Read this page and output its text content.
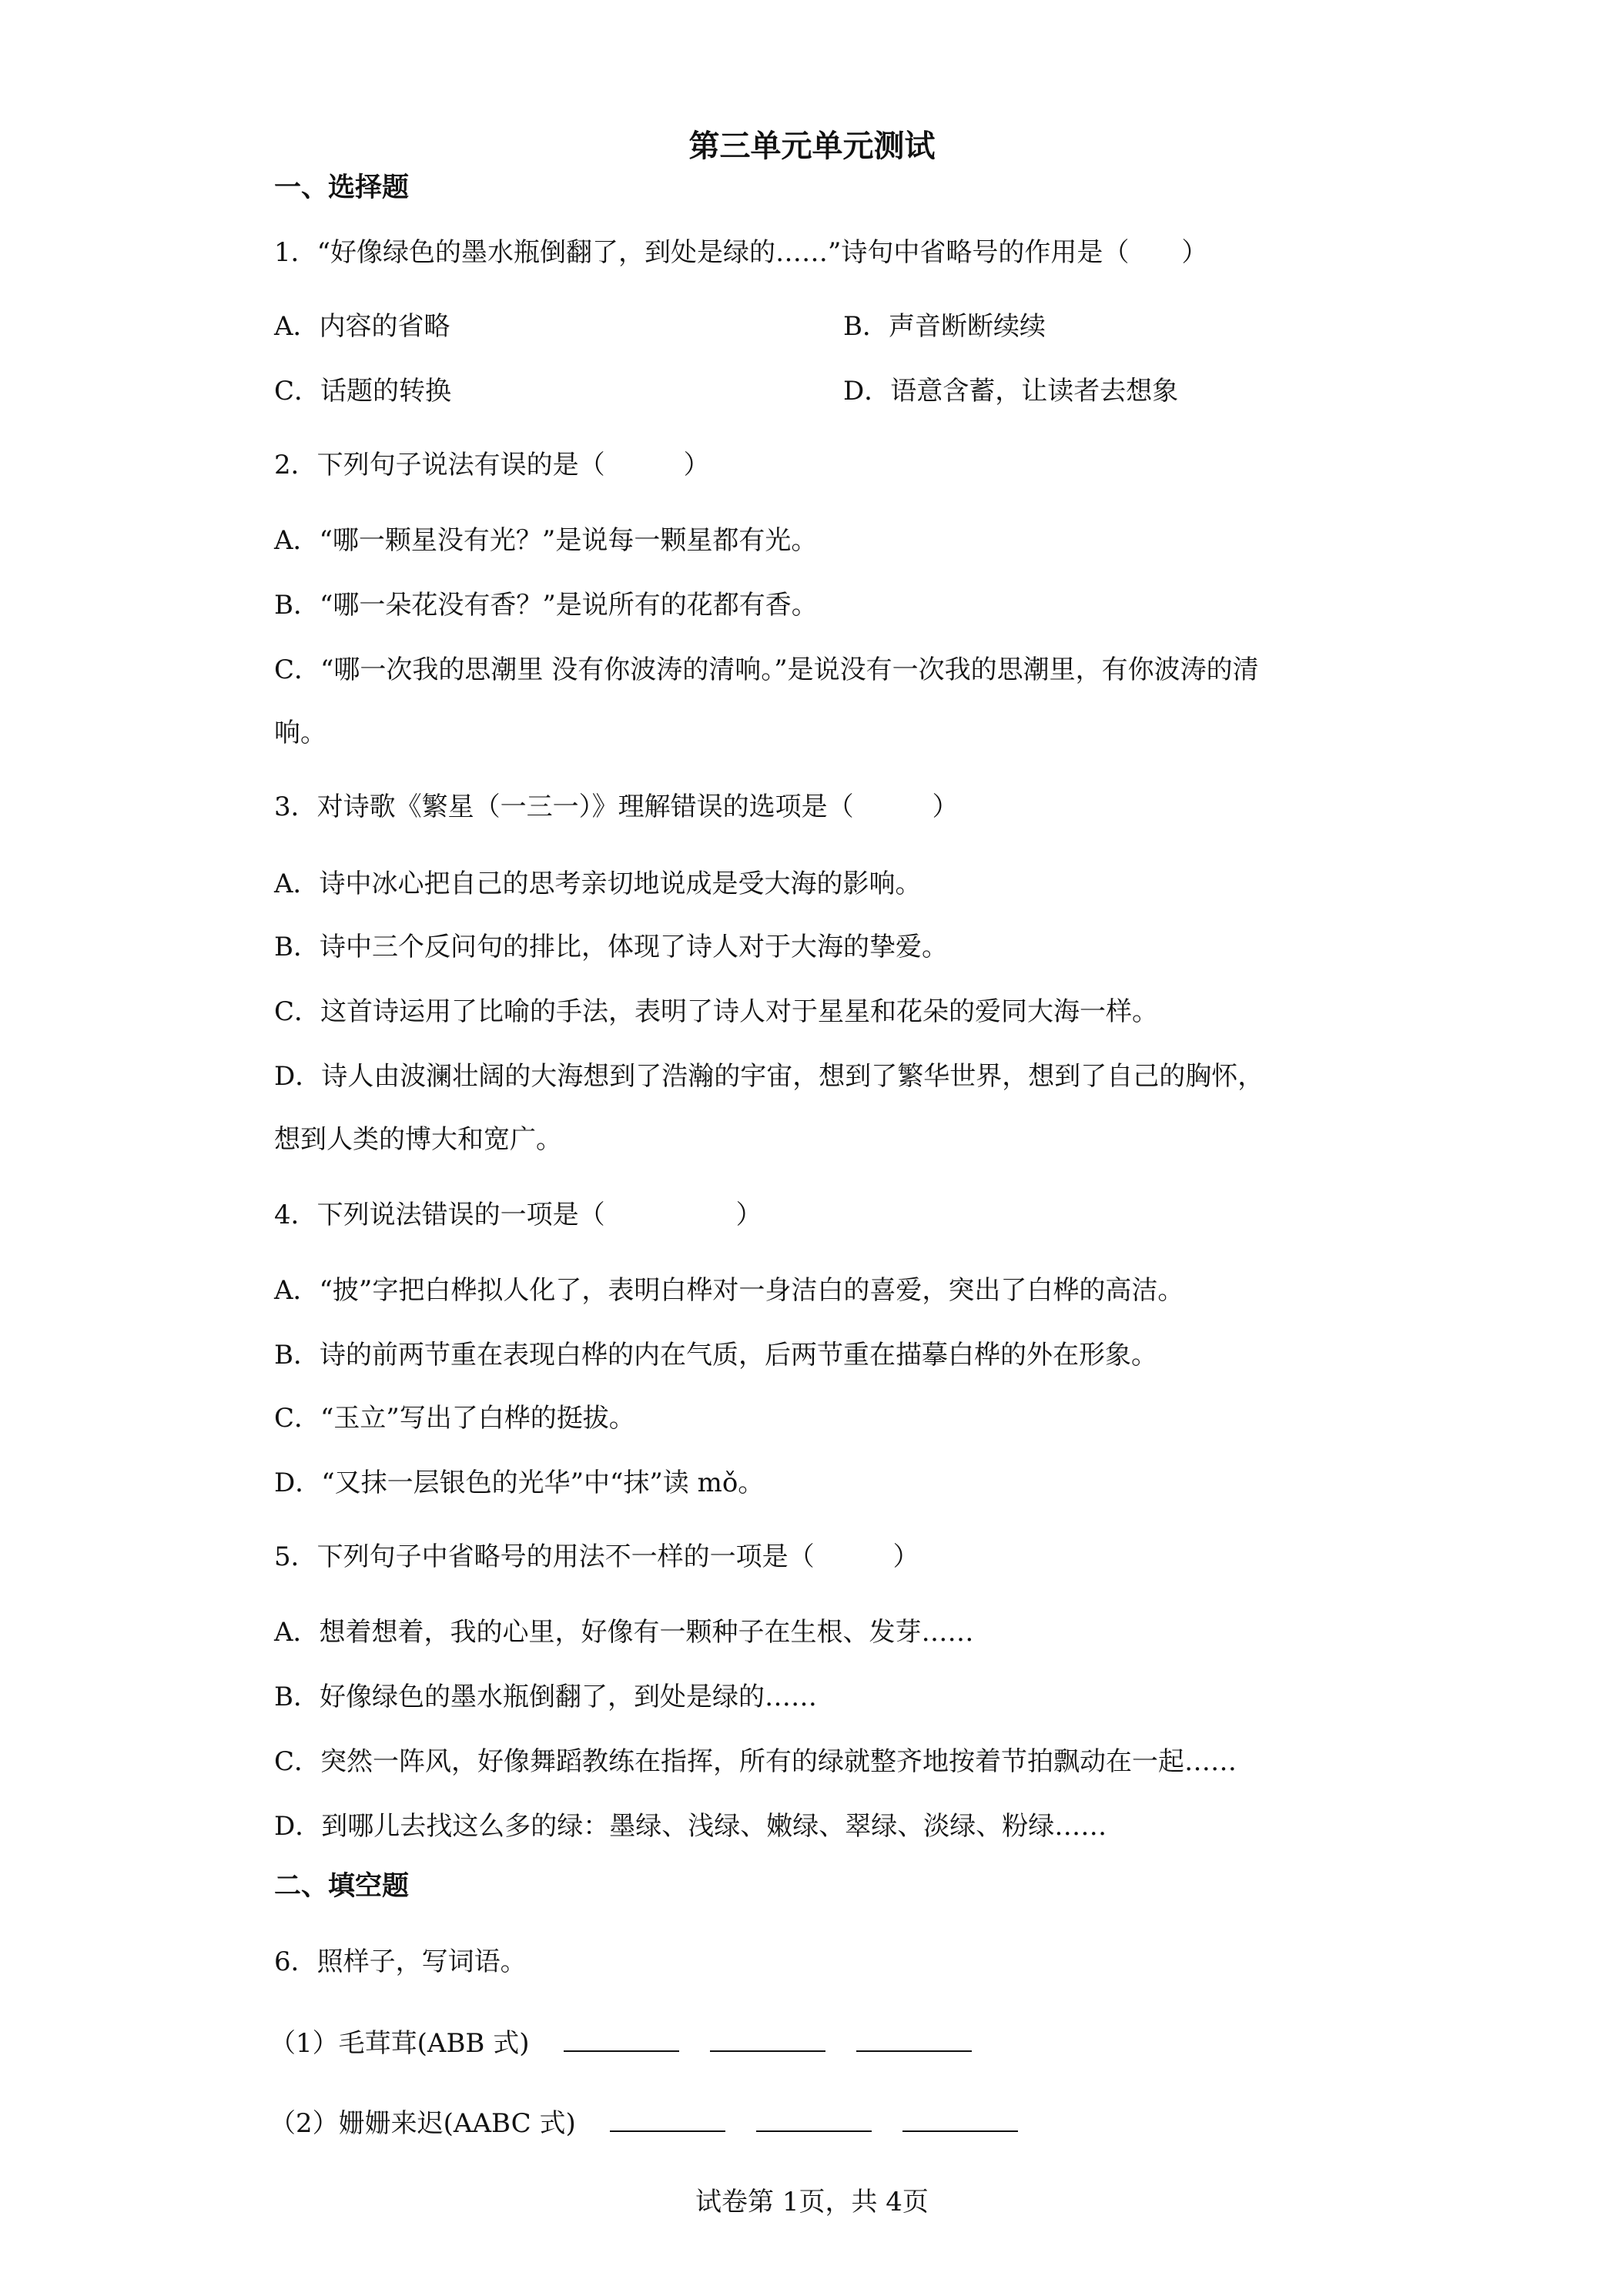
第三单元单元测试
一、选择题
1．“好像绿色的墨水瓶倒翻了，到处是绿的……”诗句中省略号的作用是（　　）
A．内容的省略	B．声音断断续续
C．话题的转换	D．语意含蓄，让读者去想象
2．下列句子说法有误的是（　　　）
A．“哪一颗星没有光？”是说每一颗星都有光。
B．“哪一朵花没有香？”是说所有的花都有香。
C．“哪一次我的思潮里 没有你波涛的清响。”是说没有一次我的思潮里，有你波涛的清
响。
3．对诗歌《繁星（一三一）》理解错误的选项是（　　　）
A．诗中冰心把自己的思考亲切地说成是受大海的影响。
B．诗中三个反问句的排比，体现了诗人对于大海的挚爱。
C．这首诗运用了比喻的手法，表明了诗人对于星星和花朵的爱同大海一样。
D．诗人由波澜壮阔的大海想到了浩瀚的宇宙，想到了繁华世界，想到了自己的胸怀，
想到人类的博大和宽广。
4．下列说法错误的一项是（　　　　　）
A．“披”字把白桦拟人化了，表明白桦对一身洁白的喜爱，突出了白桦的高洁。
B．诗的前两节重在表现白桦的内在气质，后两节重在描摹白桦的外在形象。
C．“玉立”写出了白桦的挺拔。
D．“又抹一层银色的光华”中“抹”读 mǒ。
5．下列句子中省略号的用法不一样的一项是（　　　）
A．想着想着，我的心里，好像有一颗种子在生根、发芽……
B．好像绿色的墨水瓶倒翻了，到处是绿的……
C．突然一阵风，好像舞蹈教练在指挥，所有的绿就整齐地按着节拍飘动在一起……
D．到哪儿去找这么多的绿：墨绿、浅绿、嫩绿、翠绿、淡绿、粉绿……
二、填空题
6．照样子，写词语。
（1）毛茸茸(ABB 式)
（2）姗姗来迟(AABC 式)
试卷第 1页，共 4页
